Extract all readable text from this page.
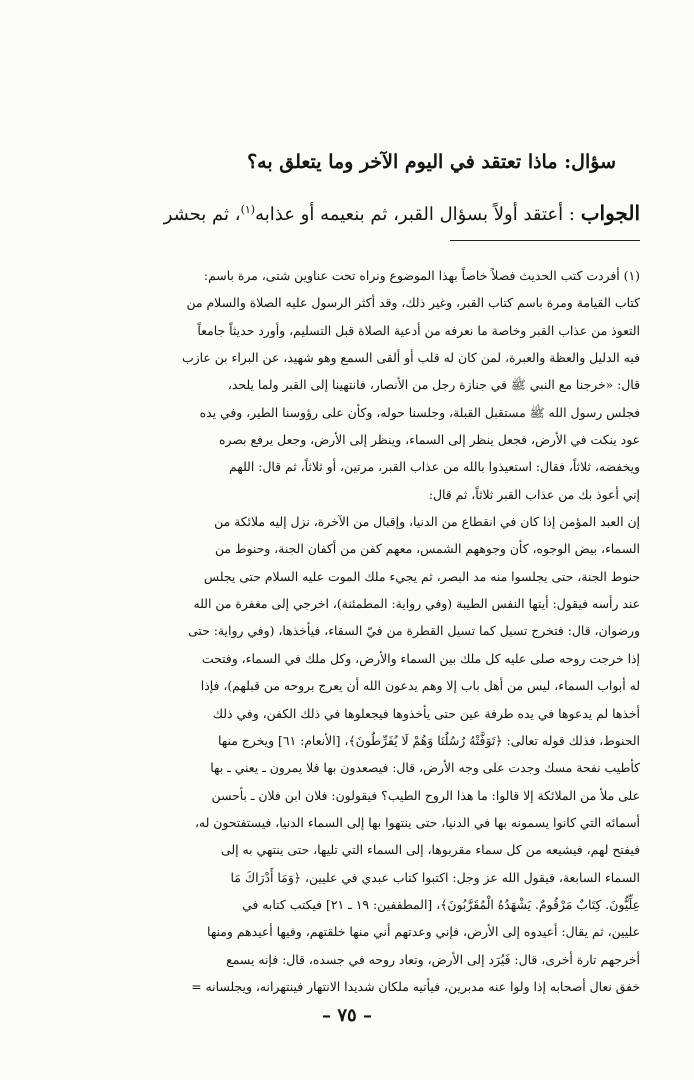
سؤال: ماذا تعتقد في اليوم الآخر وما يتعلق به؟
الجواب : أعتقد أولاً بسؤال القبر، ثم بنعيمه أو عذابه$^{(١)}$، ثم بحشر
(١) أفردت كتب الحديث فصلاً خاصاً بهذا الموضوع ونراه تحت عناوين شتى، مرة باسم:
كتاب القيامة ومرة باسم كتاب القبر، وغير ذلك، وقد أكثر الرسول عليه الصلاة والسلام من
التعوذ من عذاب القبر وخاصة ما نعرفه من أدعية الصلاة قبل التسليم، وأورد حديثاً جامعاً
فيه الدليل والعظة والعبرة، لمن كان له قلب أو ألقى السمع وهو شهيد، عن البراء بن عازب
قال: «خرجنا مع النبي ﷺ في جنازة رجل من الأنصار، فانتهينا إلى القبر ولما يلحد،
فجلس رسول الله ﷺ مستقبل القبلة، وجلسنا حوله، وكأن على رؤوسنا الطير، وفي يده
عود ينكت في الأرض، فجعل ينظر إلى السماء، وينظر إلى الأرض، وجعل يرفع بصره
ويخفضه، ثلاثاً، فقال: استعيذوا بالله من عذاب القبر، مرتين، أو ثلاثاً، ثم قال: اللهم
إني أعوذ بك من عذاب القبر ثلاثاً، ثم قال:
إن العبد المؤمن إذا كان في انقطاع من الدنيا، وإقبال من الآخرة، نزل إليه ملائكة من
السماء، بيض الوجوه، كأن وجوههم الشمس، معهم كفن من أكفان الجنة، وحنوط من
حنوط الجنة، حتى يجلسوا منه مد البصر، ثم يجيء ملك الموت عليه السلام حتى يجلس
عند رأسه فيقول: أيتها النفس الطيبة (وفي رواية: المطمئنة)، اخرجي إلى مغفرة من الله
ورضوان، قال: فتخرج تسيل كما تسيل القطرة من فيّ السقاء، فيأخذها، (وفي رواية: حتى
إذا خرجت روحه صلى عليه كل ملك بين السماء والأرض، وكل ملك في السماء، وفتحت
له أبواب السماء، ليس من أهل باب إلا وهم يدعون الله أن يعرج بروحه من قبلهم)، فإذا
أخذها لم يدعوها في يده طرفة عين حتى يأخذوها فيجعلوها في ذلك الكفن، وفي ذلك
الحنوط، فذلك قوله تعالى: ﴿تَوَفَّتْهُ رُسُلُنَا وَهُمْ لَا يُفَرِّطُونَ﴾، [الأنعام: ٦١] ويخرج منها
كأطيب نفحة مسك وجدت على وجه الأرض، قال: فيصعدون بها فلا يمرون ـ يعني ـ بها
على ملأ من الملائكة إلا قالوا: ما هذا الروح الطيب؟ فيقولون: فلان ابن فلان ـ بأحسن
أسمائه التي كانوا يسمونه بها في الدنيا، حتى ينتهوا بها إلى السماء الدنيا، فيستفتحون له،
فيفتح لهم، فيشيعه من كل سماء مقربوها، إلى السماء التي تليها، حتى ينتهي به إلى
السماء السابعة، فيقول الله عز وجل: اكتبوا كتاب عبدي في عليين، ﴿وَمَا أَدْرَاكَ مَا
عِلِّيُّونَ. كِتَابٌ مَرْقُومٌ. يَشْهَدُهُ الْمُقَرَّبُونَ﴾، [المطففين: ١٩ ـ ٢١] فيكتب كتابه في
عليين، ثم يقال: أعيدوه إلى الأرض، فإني وعدتهم أني منها خلقتهم، وفيها أعيدهم ومنها
أخرجهم تارة أخرى، قال: فَيُرَد إلى الأرض، وتعاد روحه في جسده، قال: فإنه يسمع
خفق نعال أصحابه إذا ولوا عنه مدبرين، فيأتيه ملكان شديدا الانتهار فينتهرانه، ويجلسانه =
– ٧٥ –
